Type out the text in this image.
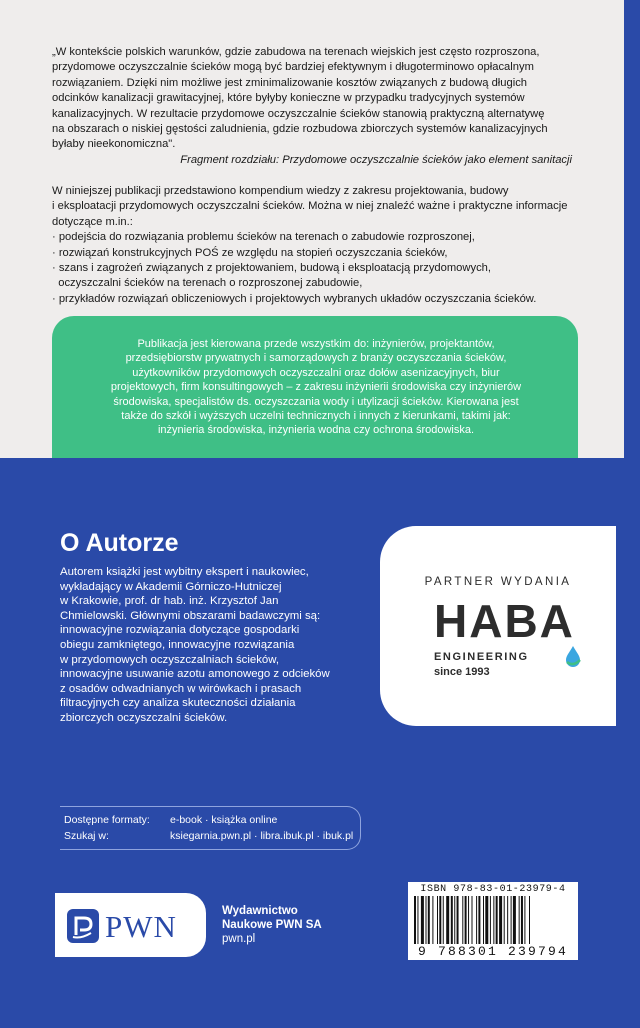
„W kontekście polskich warunków, gdzie zabudowa na terenach wiejskich jest często rozproszona,

przydomowe oczyszczalnie ścieków mogą być bardziej efektywnym i długoterminowo opłacalnym

rozwiązaniem. Dzięki nim możliwe jest zminimalizowanie kosztów związanych z budową długich

odcinków kanalizacji grawitacyjnej, które byłyby konieczne w przypadku tradycyjnych systemów

kanalizacyjnych. W rezultacie przydomowe oczyszczalnie ścieków stanowią praktyczną alternatywę

na obszarach o niskiej gęstości zaludnienia, gdzie rozbudowa zbiorczych systemów kanalizacyjnych

byłaby nieekonomiczna".

Fragment rozdziału: Przydomowe oczyszczalnie ścieków jako element sanitacji

W niniejszej publikacji przedstawiono kompendium wiedzy z zakresu projektowania, budowy

i eksploatacji przydomowych oczyszczalni ścieków. Można w niej znaleźć ważne i praktyczne informacje

dotyczące m.in.:

· podejścia do rozwiązania problemu ścieków na terenach o zabudowie rozproszonej,
· rozwiązań konstrukcyjnych POŚ ze względu na stopień oczyszczania ścieków,
· szans i zagrożeń związanych z projektowaniem, budową i eksploatacją przydomowych,
oczyszczalni ścieków na terenach o rozproszonej zabudowie,
· przykładów rozwiązań obliczeniowych i projektowych wybranych układów oczyszczania ścieków.
Publikacja jest kierowana przede wszystkim do: inżynierów, projektantów,
przedsiębiorstw prywatnych i samorządowych z branży oczyszczania ścieków,
użytkowników przydomowych oczyszczalni oraz dołów asenizacyjnych, biur
projektowych, firm konsultingowych – z zakresu inżynierii środowiska czy inżynierów
środowiska, specjalistów ds. oczyszczania wody i utylizacji ścieków. Kierowana jest
także do szkół i wyższych uczelni technicznych i innych z kierunkami, takimi jak:
inżynieria środowiska, inżynieria wodna czy ochrona środowiska.
O Autorze
Autorem książki jest wybitny ekspert i naukowiec,
wykładający w Akademii Górniczo-Hutniczej
w Krakowie, prof. dr hab. inż. Krzysztof Jan
Chmielowski. Głównymi obszarami badawczymi są:
innowacyjne rozwiązania dotyczące gospodarki
obiegu zamkniętego, innowacyjne rozwiązania
w przydomowych oczyszczalniach ścieków,
innowacyjne usuwanie azotu amonowego z odcieków
z osadów odwadnianych w wirówkach i prasach
filtracyjnych czy analiza skuteczności działania
zbiorczych oczyszczalni ścieków.
PARTNER WYDANIA
HABA
ENGINEERING
since 1993
Dostępne formaty: e-book · książka online
Szukaj w:	ksiegarnia.pwn.pl · libra.ibuk.pl · ibuk.pl
PWN	Wydawnictwo
Naukowe PWN SA
pwn.pl
ISBN 978-83-01-23979-4
9 788301 239794
